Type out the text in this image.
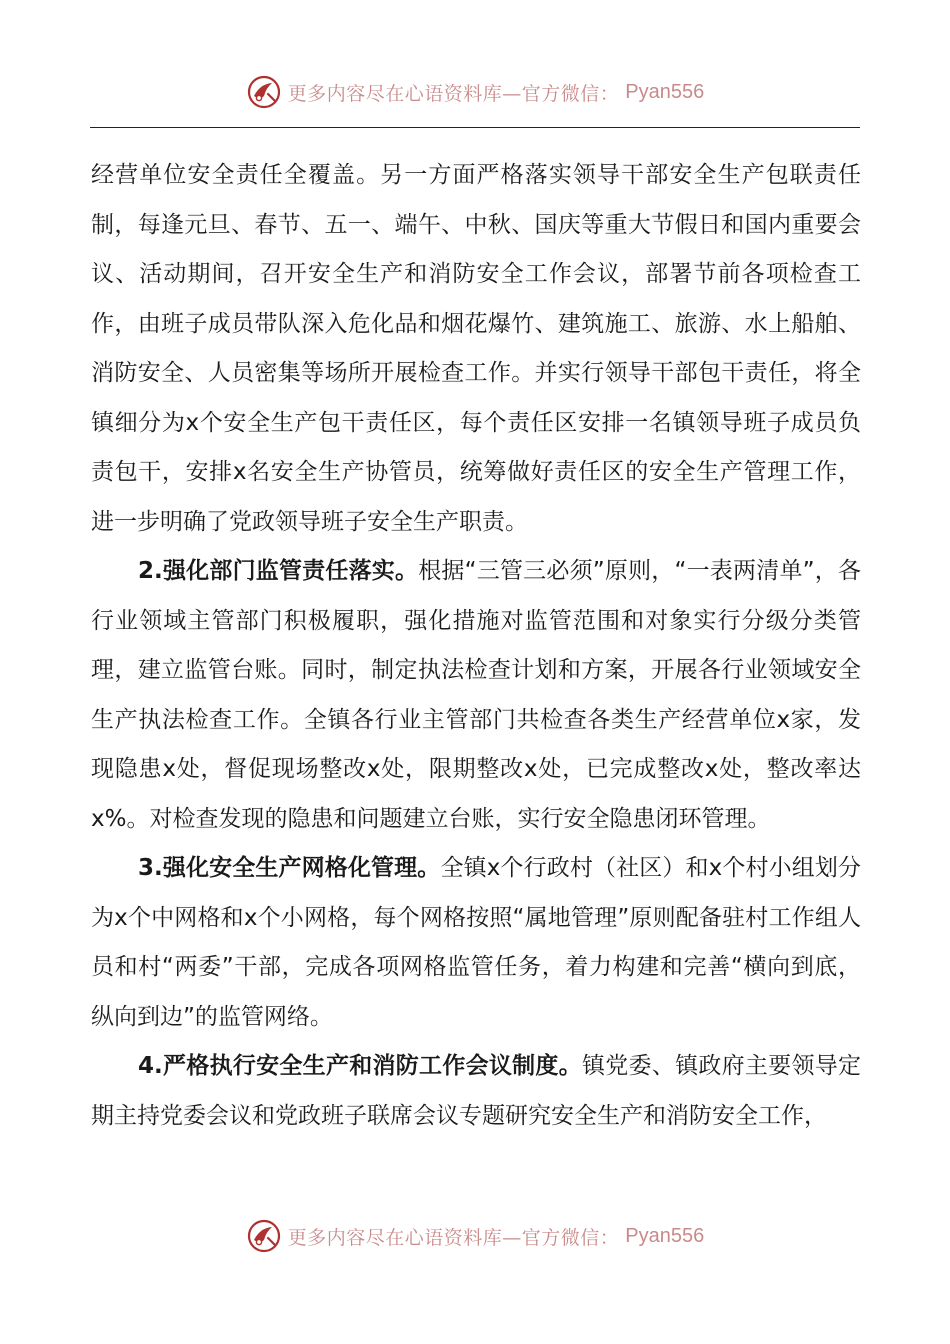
更多内容尽在心语资料库—官方微信： Pyan556

经营单位安全责任全覆盖。另一方面严格落实领导干部安全生产包联责任制，每逢元旦、春节、五一、端午、中秋、国庆等重大节假日和国内重要会议、活动期间，召开安全生产和消防安全工作会议，部署节前各项检查工作，由班子成员带队深入危化品和烟花爆竹、建筑施工、旅游、水上船舶、消防安全、人员密集等场所开展检查工作。并实行领导干部包干责任，将全镇细分为x个安全生产包干责任区，每个责任区安排一名镇领导班子成员负责包干，安排x名安全生产协管员，统筹做好责任区的安全生产管理工作，进一步明确了党政领导班子安全生产职责。

2.强化部门监管责任落实。根据“三管三必须”原则，“一表两清单”，各行业领域主管部门积极履职，强化措施对监管范围和对象实行分级分类管理，建立监管台账。同时，制定执法检查计划和方案，开展各行业领域安全生产执法检查工作。全镇各行业主管部门共检查各类生产经营单位x家，发现隐患x处，督促现场整改x处，限期整改x处，已完成整改x处，整改率达x%。对检查发现的隐患和问题建立台账，实行安全隐患闭环管理。

3.强化安全生产网格化管理。全镇x个行政村（社区）和x个村小组划分为x个中网格和x个小网格，每个网格按照“属地管理”原则配备驻村工作组人员和村“两委”干部，完成各项网格监管任务，着力构建和完善“横向到底，纵向到边”的监管网络。

4.严格执行安全生产和消防工作会议制度。镇党委、镇政府主要领导定期主持党委会议和党政班子联席会议专题研究安全生产和消防安全工作，

更多内容尽在心语资料库—官方微信： Pyan556
